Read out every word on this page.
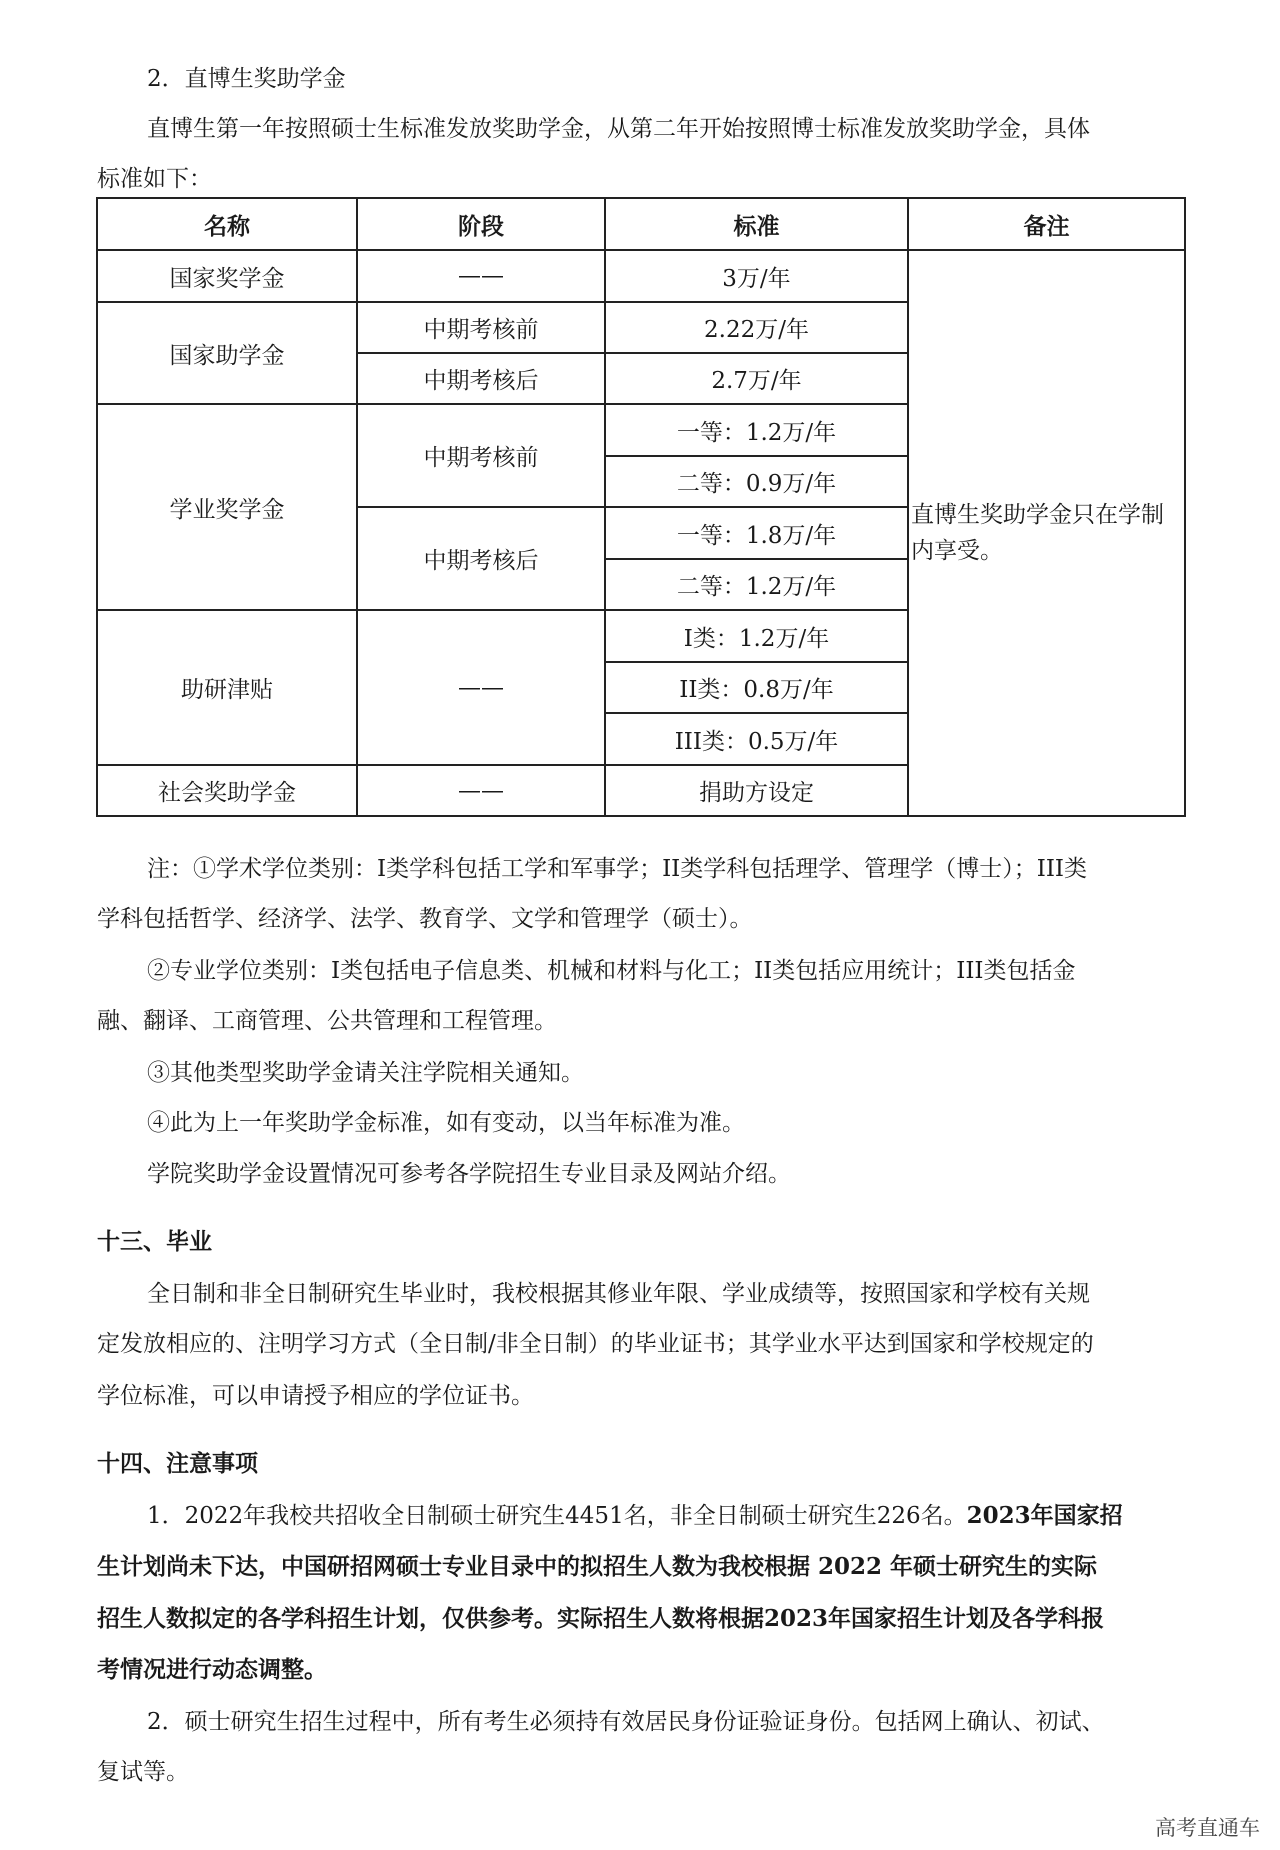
2．直博生奖助学金
直博生第一年按照硕士生标准发放奖助学金，从第二年开始按照博士标准发放奖助学金，具体
标准如下：
名称	阶段	标准	备注
国家奖学金	——	3万/年	直博生奖助学金只在学制内享受。
国家助学金	中期考核前	2.22万/年	
	中期考核后	2.7万/年	
学业奖学金	中期考核前	一等：1.2万/年	
		二等：0.9万/年	
	中期考核后	一等：1.8万/年	
		二等：1.2万/年	
助研津贴	——	I类：1.2万/年	
		II类：0.8万/年	
		III类：0.5万/年	
社会奖助学金	——	捐助方设定	
注：①学术学位类别：I类学科包括工学和军事学；II类学科包括理学、管理学（博士）；III类
学科包括哲学、经济学、法学、教育学、文学和管理学（硕士）。
②专业学位类别：I类包括电子信息类、机械和材料与化工；II类包括应用统计；III类包括金
融、翻译、工商管理、公共管理和工程管理。
③其他类型奖助学金请关注学院相关通知。
④此为上一年奖助学金标准，如有变动，以当年标准为准。
学院奖助学金设置情况可参考各学院招生专业目录及网站介绍。
十三、毕业
全日制和非全日制研究生毕业时，我校根据其修业年限、学业成绩等，按照国家和学校有关规
定发放相应的、注明学习方式（全日制/非全日制）的毕业证书；其学业水平达到国家和学校规定的
学位标准，可以申请授予相应的学位证书。
十四、注意事项
1．2022年我校共招收全日制硕士研究生4451名，非全日制硕士研究生226名。2023年国家招
生计划尚未下达，中国研招网硕士专业目录中的拟招生人数为我校根据 2022 年硕士研究生的实际
招生人数拟定的各学科招生计划，仅供参考。实际招生人数将根据2023年国家招生计划及各学科报
考情况进行动态调整。
2．硕士研究生招生过程中，所有考生必须持有效居民身份证验证身份。包括网上确认、初试、
复试等。
高考直通车
